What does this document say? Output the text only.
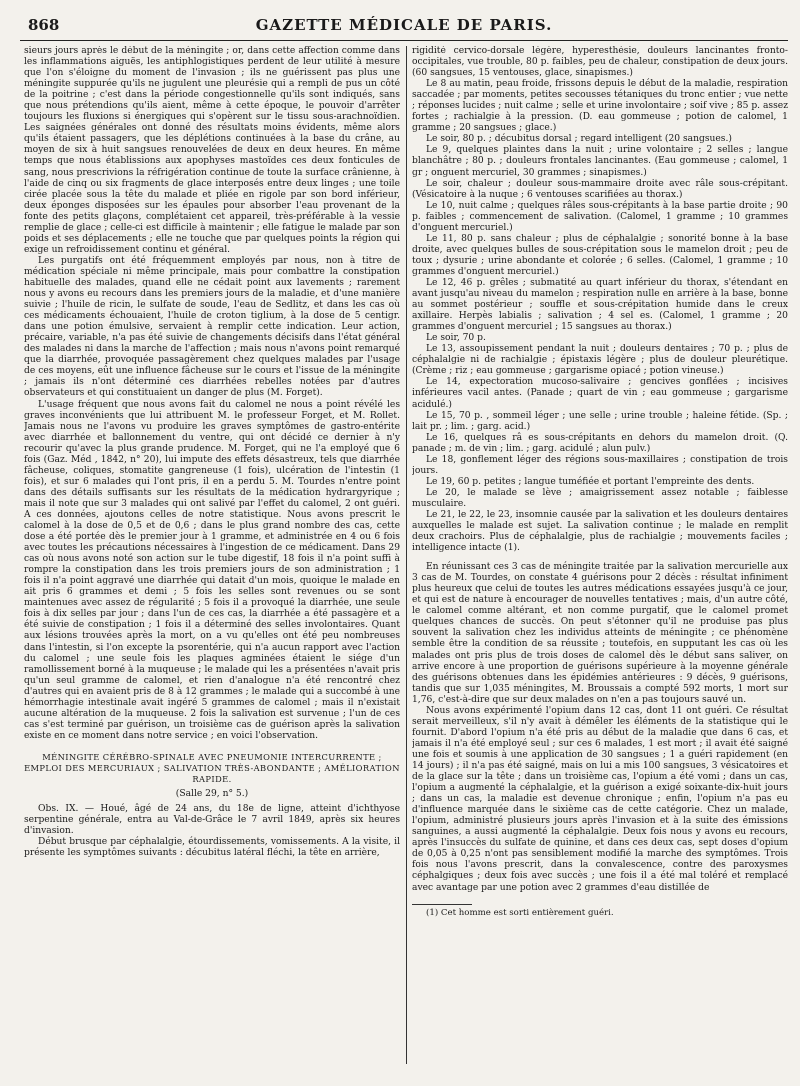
868	GAZETTE MÉDICALE DE PARIS.

sieurs jours après le début de la méningite ; or, dans cette affection comme dans les inflammations aiguës, les antiphlogistiques perdent de leur utilité à mesure que l'on s'éloigne du moment de l'invasion ; ils ne guérissent pas plus une méningite suppurée qu'ils ne jugulent une pleurésie qui a rempli de pus un côté de la poitrine ; c'est dans la période congestionnelle qu'ils sont indiqués, sans que nous prétendions qu'ils aient, même à cette époque, le pouvoir d'arrêter toujours les fluxions si énergiques qui s'opèrent sur le tissu sous-arachnoïdien. Les saignées générales ont donné des résultats moins évidents, même alors qu'ils étaient passagers, que les déplétions continuées à la base du crâne, au moyen de six à huit sangsues renouvelées de deux en deux heures. En même temps que nous établissions aux apophyses mastoïdes ces deux fonticules de sang, nous prescrivions la réfrigération continue de toute la surface crânienne, à l'aide de cinq ou six fragments de glace interposés entre deux linges ; une toile cirée placée sous la tête du malade et pliée en rigole par son bord inférieur, deux éponges disposées sur les épaules pour absorber l'eau provenant de la fonte des petits glaçons, complétaient cet appareil, très-préférable à la vessie remplie de glace ; celle-ci est difficile à maintenir ; elle fatigue le malade par son poids et ses déplacements ; elle ne touche que par quelques points la région qui exige un refroidissement continu et général.

Les purgatifs ont été fréquemment employés par nous, non à titre de médication spéciale ni même principale, mais pour combattre la constipation habituelle des malades, quand elle ne cédait point aux lavements ; rarement nous y avons eu recours dans les premiers jours de la maladie, et d'une manière suivie ; l'huile de ricin, le sulfate de soude, l'eau de Sedlitz, et dans les cas où ces médicaments échouaient, l'huile de croton tiglium, à la dose de 5 centigr. dans une potion émulsive, servaient à remplir cette indication. Leur action, précaire, variable, n'a pas été suivie de changements décisifs dans l'état général des malades ni dans la marche de l'affection ; mais nous n'avons point remarqué que la diarrhée, provoquée passagèrement chez quelques malades par l'usage de ces moyens, eût une influence fâcheuse sur le cours et l'issue de la méningite ; jamais ils n'ont déterminé ces diarrhées rebelles notées par d'autres observateurs et qui constituaient un danger de plus (M. Forget).

L'usage fréquent que nous avons fait du calomel ne nous a point révélé les graves inconvénients que lui attribuent M. le professeur Forget, et M. Rollet. Jamais nous ne l'avons vu produire les graves symptômes de gastro-entérite avec diarrhée et ballonnement du ventre, qui ont décidé ce dernier à n'y recourir qu'avec la plus grande prudence. M. Forget, qui ne l'a employé que 6 fois (Gaz. Méd , 1842, n° 20), lui impute des effets désastreux, tels que diarrhée fâcheuse, coliques, stomatite gangreneuse (1 fois), ulcération de l'intestin (1 fois), et sur 6 malades qui l'ont pris, il en a perdu 5. M. Tourdes n'entre point dans des détails suffisants sur les résultats de la médication hydrargyrique ; mais il note que sur 3 malades qui ont salivé par l'effet du calomel, 2 ont guéri. A ces données, ajoutons celles de notre statistique. Nous avons prescrit le calomel à la dose de 0,5 et de 0,6 ; dans le plus grand nombre des cas, cette dose a été portée dès le premier jour à 1 gramme, et administrée en 4 ou 6 fois avec toutes les précautions nécessaires à l'ingestion de ce médicament. Dans 29 cas où nous avons noté son action sur le tube digestif, 18 fois il n'a point suffi à rompre la constipation dans les trois premiers jours de son administration ; 1 fois il n'a point aggravé une diarrhée qui datait d'un mois, quoique le malade en ait pris 6 grammes et demi ; 5 fois les selles sont revenues ou se sont maintenues avec assez de régularité ; 5 fois il a provoqué la diarrhée, une seule fois à dix selles par jour ; dans l'un de ces cas, la diarrhée a été passagère et a été suivie de constipation ; 1 fois il a déterminé des selles involontaires. Quant aux lésions trouvées après la mort, on a vu qu'elles ont été peu nombreuses dans l'intestin, si l'on excepte la psorentérie, qui n'a aucun rapport avec l'action du calomel ; une seule fois les plaques agminées étaient le siége d'un ramollissement borné à la muqueuse ; le malade qui les a présentées n'avait pris qu'un seul gramme de calomel, et rien d'analogue n'a été rencontré chez d'autres qui en avaient pris de 8 à 12 grammes ; le malade qui a succombé à une hémorrhagie intestinale avait ingéré 5 grammes de calomel ; mais il n'existait aucune altération de la muqueuse. 2 fois la salivation est survenue ; l'un de ces cas s'est terminé par guérison, un troisième cas de guérison après la salivation existe en ce moment dans notre service ; en voici l'observation.

MÉNINGITE CÉRÉBRO-SPINALE AVEC PNEUMONIE INTERCURRENTE ; EMPLOI DES MERCURIAUX ; SALIVATION TRÈS-ABONDANTE ; AMÉLIORATION RAPIDE.

(Salle 29, n° 5.)

Obs. IX. — Houé, âgé de 24 ans, du 18e de ligne, atteint d'ichthyose serpentine générale, entra au Val-de-Grâce le 7 avril 1849, après six heures d'invasion.

Début brusque par céphalalgie, étourdissements, vomissements. A la visite, il présente les symptômes suivants : décubitus latéral fléchi, la tête en arrière,

rigidité cervico-dorsale légère, hyperesthésie, douleurs lancinantes fronto-occipitales, vue trouble, 80 p. faibles, peu de chaleur, constipation de deux jours. (60 sangsues, 15 ventouses, glace, sinapismes.)

Le 8 au matin, peau froide, frissons depuis le début de la maladie, respiration saccadée ; par moments, petites secousses tétaniques du tronc entier ; vue nette ; réponses lucides ; nuit calme ; selle et urine involontaire ; soif vive ; 85 p. assez fortes ; rachialgie à la pression. (D. eau gommeuse ; potion de calomel, 1 gramme ; 20 sangsues ; glace.)

Le soir, 80 p. ; décubitus dorsal ; regard intelligent (20 sangsues.)

Le 9, quelques plaintes dans la nuit ; urine volontaire ; 2 selles ; langue blanchâtre ; 80 p. ; douleurs frontales lancinantes. (Eau gommeuse ; calomel, 1 gr ; onguent mercuriel, 30 grammes ; sinapismes.)

Le soir, chaleur ; douleur sous-mammaire droite avec râle sous-crépitant. (Vésicatoire à la nuque ; 6 ventouses scarifiées au thorax.)

Le 10, nuit calme ; quelques râles sous-crépitants à la base partie droite ; 90 p. faibles ; commencement de salivation. (Calomel, 1 gramme ; 10 grammes d'onguent mercuriel.)

Le 11, 80 p. sans chaleur ; plus de céphalalgie ; sonorité bonne à la base droite, avec quelques bulles de sous-crépitation sous le mamelon droit ; peu de toux ; dysurie ; urine abondante et colorée ; 6 selles. (Calomel, 1 gramme ; 10 grammes d'onguent mercuriel.)

Le 12, 46 p. grêles ; submatité au quart inférieur du thorax, s'étendant en avant jusqu'au niveau du mamelon ; respiration nulle en arrière à la base, bonne au sommet postérieur ; souffle et sous-crépitation humide dans le creux axillaire. Herpès labialis ; salivation ; 4 sel es. (Calomel, 1 gramme ; 20 grammes d'onguent mercuriel ; 15 sangsues au thorax.)

Le soir, 70 p.

Le 13, assoupissement pendant la nuit ; douleurs dentaires ; 70 p. ; plus de céphalalgie ni de rachialgie ; épistaxis légère ; plus de douleur pleurétique. (Crème ; riz ; eau gommeuse ; gargarisme opiacé ; potion vineuse.)

Le 14, expectoration mucoso-salivaire ; gencives gonflées ; incisives inférieures vacil antes. (Panade ; quart de vin ; eau gommeuse ; gargarisme acidulé.)

Le 15, 70 p. , sommeil léger ; une selle ; urine trouble ; haleine fétide. (Sp. ; lait pr. ; lim. ; garg. acid.)

Le 16, quelques râ es sous-crépitants en dehors du mamelon droit. (Q. panade ; m. de vin ; lim. ; garg. acidulé ; alun pulv.)

Le 18, gonflement léger des régions sous-maxillaires ; constipation de trois jours.

Le 19, 60 p. petites ; langue tuméfiée et portant l'empreinte des dents.

Le 20, le malade se lève ; amaigrissement assez notable ; faiblesse musculaire.

Le 21, le 22, le 23, insomnie causée par la salivation et les douleurs dentaires auxquelles le malade est sujet. La salivation continue ; le malade en remplit deux crachoirs. Plus de céphalalgie, plus de rachialgie ; mouvements faciles ; intelligence intacte (1).

En réunissant ces 3 cas de méningite traitée par la salivation mercurielle aux 3 cas de M. Tourdes, on constate 4 guérisons pour 2 décès : résultat infiniment plus heureux que celui de toutes les autres médications essayées jusqu'à ce jour, et qui est de nature à encourager de nouvelles tentatives ; mais, d'un autre côté, le calomel comme altérant, et non comme purgatif, que le calomel promet quelques chances de succès. On peut s'étonner qu'il ne produise pas plus souvent la salivation chez les individus atteints de méningite ; ce phénomène semble être la condition de sa réussite ; toutefois, en supputant les cas où les malades ont pris plus de trois doses de calomel dès le début sans saliver, on arrive encore à une proportion de guérisons supérieure à la moyenne générale des guérisons obtenues dans les épidémies antérieures : 9 décès, 9 guérisons, tandis que sur 1,035 méningites, M. Broussais a compté 592 morts, 1 mort sur 1,76, c'est-à-dire que sur deux malades on n'en a pas toujours sauvé un.

Nous avons expérimenté l'opium dans 12 cas, dont 11 ont guéri. Ce résultat serait merveilleux, s'il n'y avait à démêler les éléments de la statistique qui le fournit. D'abord l'opium n'a été pris au début de la maladie que dans 6 cas, et jamais il n'a été employé seul ; sur ces 6 malades, 1 est mort ; il avait été saigné une fois et soumis à une application de 30 sangsues ; 1 a guéri rapidement (en 14 jours) ; il n'a pas été saigné, mais on lui a mis 100 sangsues, 3 vésicatoires et de la glace sur la tête ; dans un troisième cas, l'opium a été vomi ; dans un cas, l'opium a augmenté la céphalalgie, et la guérison a exigé soixante-dix-huit jours ; dans un cas, la maladie est devenue chronique ; enfin, l'opium n'a pas eu d'influence marquée dans le sixième cas de cette catégorie. Chez un malade, l'opium, administré plusieurs jours après l'invasion et à la suite des émissions sanguines, a aussi augmenté la céphalalgie. Deux fois nous y avons eu recours, après l'insuccès du sulfate de quinine, et dans ces deux cas, sept doses d'opium de 0,05 à 0,25 n'ont pas sensiblement modifié la marche des symptômes. Trois fois nous l'avons prescrit, dans la convalescence, contre des paroxysmes céphalgiques ; deux fois avec succès ; une fois il a été mal toléré et remplacé avec avantage par une potion avec 2 grammes d'eau distillée de

(1) Cet homme est sorti entièrement guéri.
